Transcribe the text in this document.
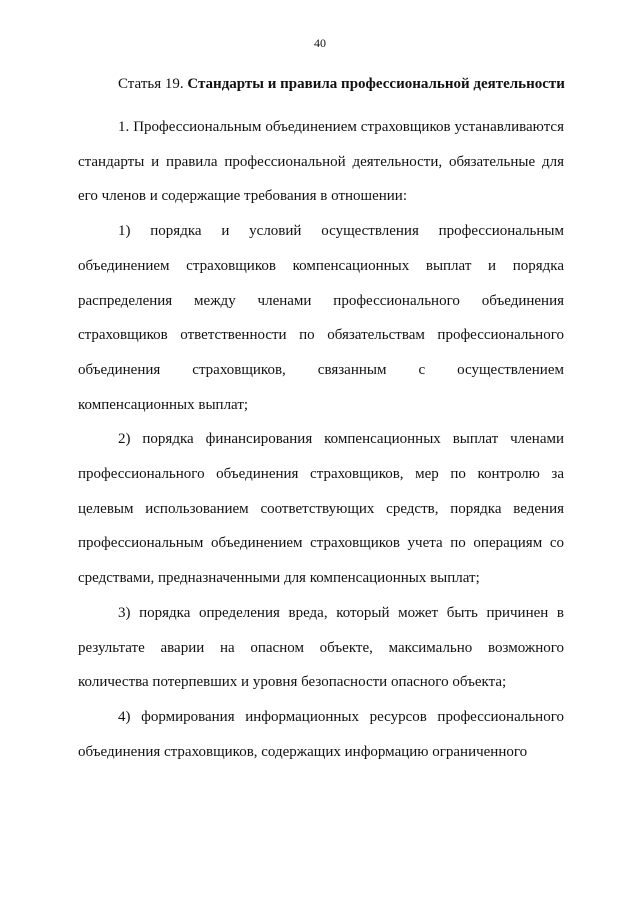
40
Статья 19. Стандарты и правила профессиональной деятельности

1. Профессиональным объединением страховщиков устанавливаются стандарты и правила профессиональной деятельности, обязательные для его членов и содержащие требования в отношении:

1) порядка и условий осуществления профессиональным объединением страховщиков компенсационных выплат и порядка распределения между членами профессионального объединения страховщиков ответственности по обязательствам профессионального объединения страховщиков, связанным с осуществлением компенсационных выплат;

2) порядка финансирования компенсационных выплат членами профессионального объединения страховщиков, мер по контролю за целевым использованием соответствующих средств, порядка ведения профессиональным объединением страховщиков учета по операциям со средствами, предназначенными для компенсационных выплат;

3) порядка определения вреда, который может быть причинен в результате аварии на опасном объекте, максимально возможного количества потерпевших и уровня безопасности опасного объекта;

4) формирования информационных ресурсов профессионального объединения страховщиков, содержащих информацию ограниченного
